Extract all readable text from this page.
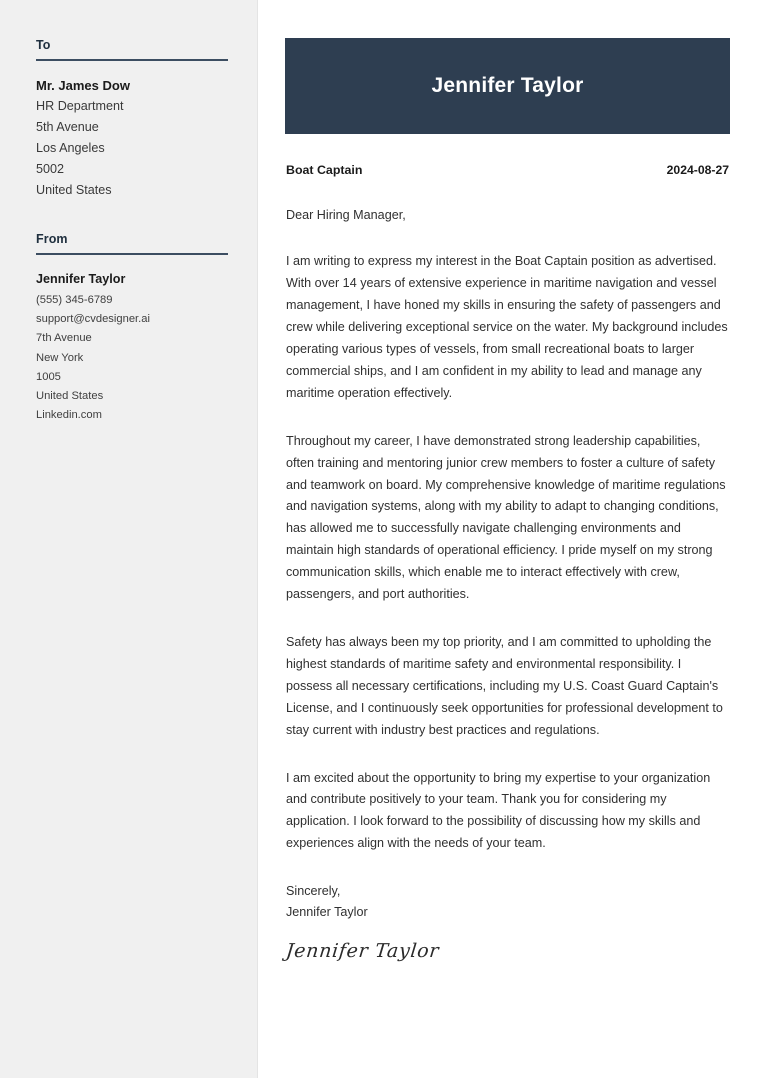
To

Mr. James Dow

HR Department

5th Avenue

Los Angeles

5002

United States

From

Jennifer Taylor

(555) 345-6789

support@cvdesigner.ai

7th Avenue

New York

1005

United States

Linkedin.com

Jennifer Taylor
Boat Captain	2024-08-27

Dear Hiring Manager,

I am writing to express my interest in the Boat Captain position as advertised. With over 14 years of extensive experience in maritime navigation and vessel management, I have honed my skills in ensuring the safety of passengers and crew while delivering exceptional service on the water. My background includes operating various types of vessels, from small recreational boats to larger commercial ships, and I am confident in my ability to lead and manage any maritime operation effectively.

Throughout my career, I have demonstrated strong leadership capabilities, often training and mentoring junior crew members to foster a culture of safety and teamwork on board. My comprehensive knowledge of maritime regulations and navigation systems, along with my ability to adapt to changing conditions, has allowed me to successfully navigate challenging environments and maintain high standards of operational efficiency. I pride myself on my strong communication skills, which enable me to interact effectively with crew, passengers, and port authorities.

Safety has always been my top priority, and I am committed to upholding the highest standards of maritime safety and environmental responsibility. I possess all necessary certifications, including my U.S. Coast Guard Captain's License, and I continuously seek opportunities for professional development to stay current with industry best practices and regulations.

I am excited about the opportunity to bring my expertise to your organization and contribute positively to your team. Thank you for considering my application. I look forward to the possibility of discussing how my skills and experiences align with the needs of your team.

Sincerely,

Jennifer Taylor

Jennifer Taylor
